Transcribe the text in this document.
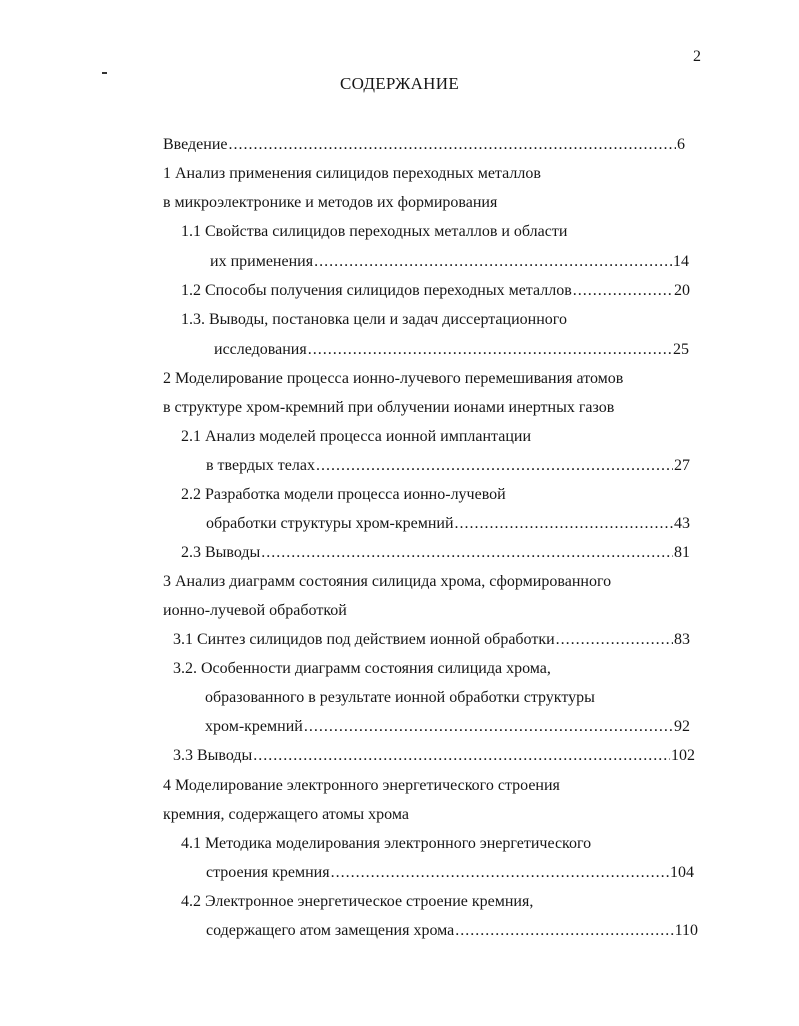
2
СОДЕРЖАНИЕ
Введение .....	6
1 Анализ применения силицидов переходных металлов
в микроэлектронике и методов их формирования
1.1 Свойства силицидов переходных металлов и области
их применения .....	14
1.2 Способы получения силицидов переходных металлов .....	20
1.3. Выводы, постановка цели и задач диссертационного
исследования .....	25
2 Моделирование процесса ионно-лучевого перемешивания атомов
в структуре хром-кремний при облучении ионами инертных газов
2.1 Анализ моделей процесса ионной имплантации
в твердых телах .....	27
2.2 Разработка модели процесса ионно-лучевой
обработки структуры хром-кремний .....	43
2.3 Выводы .....	81
3 Анализ диаграмм состояния силицида хрома, сформированного
ионно-лучевой обработкой
3.1 Синтез силицидов под действием ионной обработки .....	83
3.2. Особенности диаграмм состояния силицида хрома,
образованного в результате ионной обработки структуры
хром-кремний .....	92
3.3 Выводы .....	102
4 Моделирование электронного энергетического строения
кремния, содержащего атомы хрома
4.1 Методика моделирования электронного энергетического
строения кремния .....	104
4.2 Электронное энергетическое строение кремния,
содержащего атом замещения хрома .....	110
